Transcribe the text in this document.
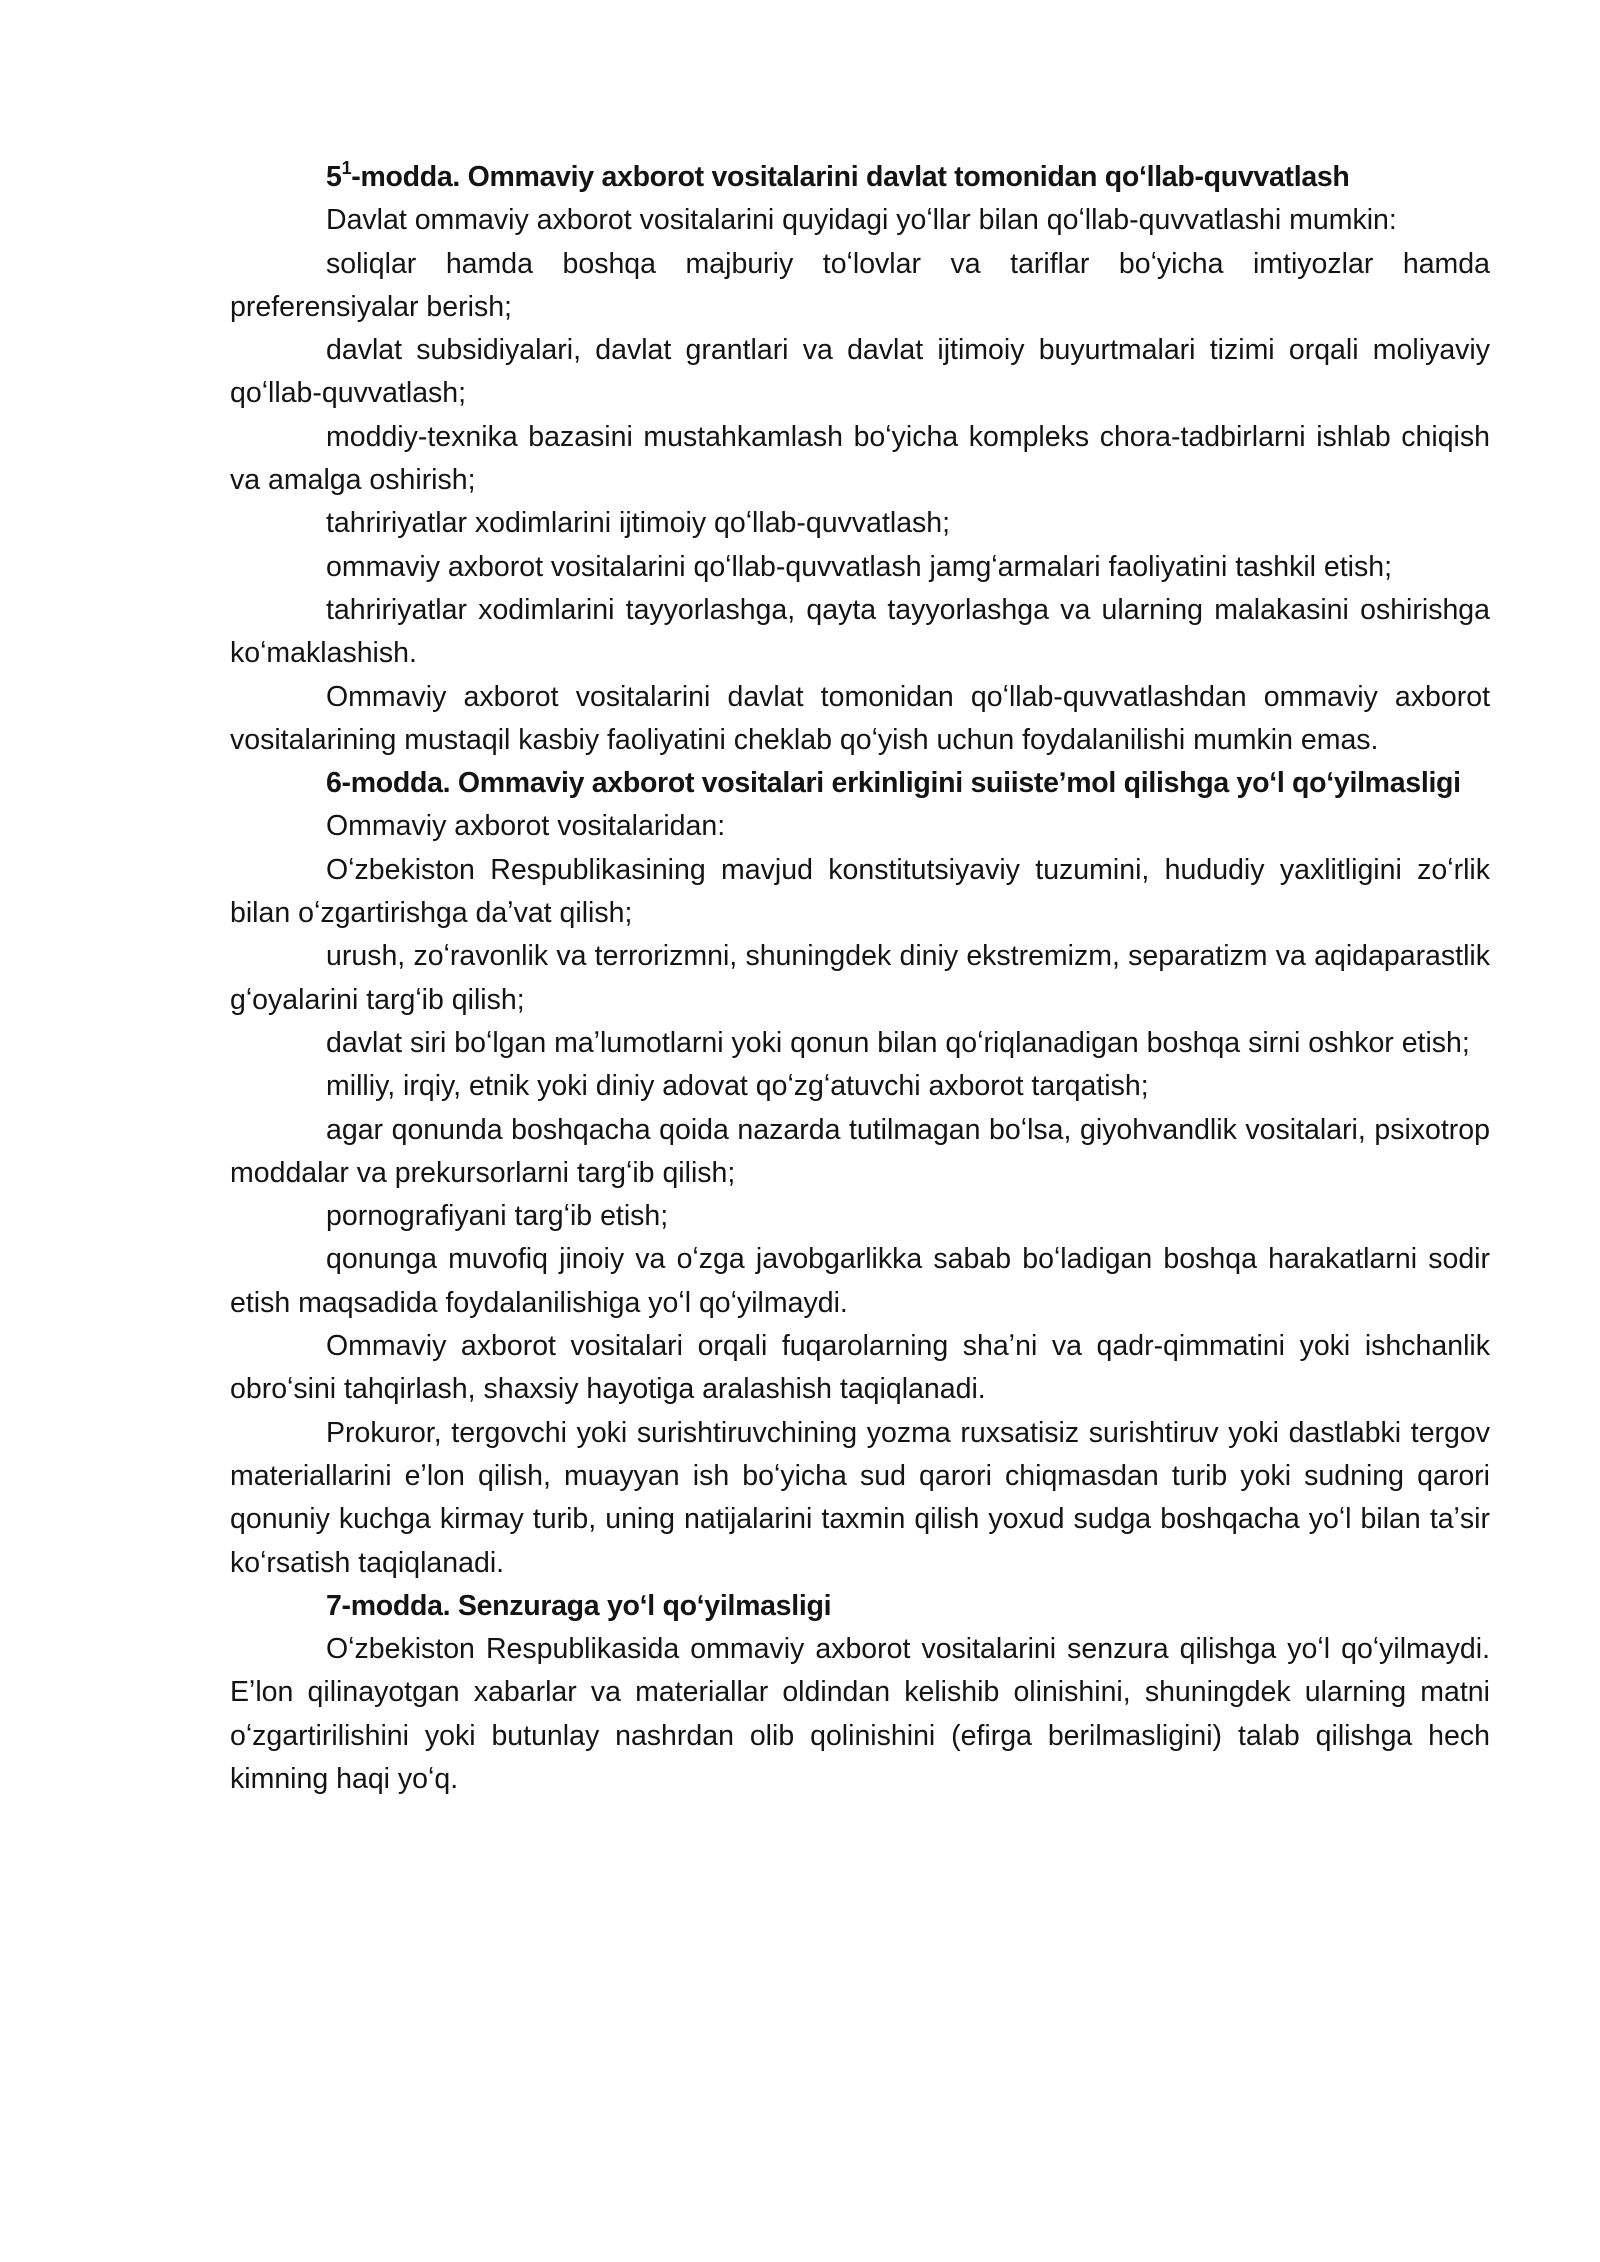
$5^1$-modda. Ommaviy axborot vositalarini davlat tomonidan qoʻllab-quvvatlash

Davlat ommaviy axborot vositalarini quyidagi yoʻllar bilan qoʻllab-quvvatlashi mumkin:

soliqlar hamda boshqa majburiy toʻlovlar va tariflar boʻyicha imtiyozlar hamda preferensiyalar berish;

davlat subsidiyalari, davlat grantlari va davlat ijtimoiy buyurtmalari tizimi orqali moliyaviy qoʻllab-quvvatlash;

moddiy-texnika bazasini mustahkamlash boʻyicha kompleks chora-tadbirlarni ishlab chiqish va amalga oshirish;

tahririyatlar xodimlarini ijtimoiy qoʻllab-quvvatlash;

ommaviy axborot vositalarini qoʻllab-quvvatlash jamgʻarmalari faoliyatini tashkil etish;

tahririyatlar xodimlarini tayyorlashga, qayta tayyorlashga va ularning malakasini oshirishga koʻmaklashish.

Ommaviy axborot vositalarini davlat tomonidan qoʻllab-quvvatlashdan ommaviy axborot vositalarining mustaqil kasbiy faoliyatini cheklab qoʻyish uchun foydalanilishi mumkin emas.

6-modda. Ommaviy axborot vositalari erkinligini suiisteʼmol qilishga yoʻl qoʻyilmasligi

Ommaviy axborot vositalaridan:

Oʻzbekiston Respublikasining mavjud konstitutsiyaviy tuzumini, hududiy yaxlitligini zoʻrlik bilan oʻzgartirishga daʼvat qilish;

urush, zoʻravonlik va terrorizmni, shuningdek diniy ekstremizm, separatizm va aqidaparastlik gʻoyalarini targʻib qilish;

davlat siri boʻlgan maʼlumotlarni yoki qonun bilan qoʻriqlanadigan boshqa sirni oshkor etish;

milliy, irqiy, etnik yoki diniy adovat qoʻzgʻatuvchi axborot tarqatish;

agar qonunda boshqacha qoida nazarda tutilmagan boʻlsa, giyohvandlik vositalari, psixotrop moddalar va prekursorlarni targʻib qilish;

pornografiyani targʻib etish;

qonunga muvofiq jinoiy va oʻzga javobgarlikka sabab boʻladigan boshqa harakatlarni sodir etish maqsadida foydalanilishiga yoʻl qoʻyilmaydi.

Ommaviy axborot vositalari orqali fuqarolarning shaʼni va qadr-qimmatini yoki ishchanlik obroʻsini tahqirlash, shaxsiy hayotiga aralashish taqiqlanadi.

Prokuror, tergovchi yoki surishtiruvchining yozma ruxsatisiz surishtiruv yoki dastlabki tergov materiallarini eʼlon qilish, muayyan ish boʻyicha sud qarori chiqmasdan turib yoki sudning qarori qonuniy kuchga kirmay turib, uning natijalarini taxmin qilish yoxud sudga boshqacha yoʻl bilan taʼsir koʻrsatish taqiqlanadi.

7-modda. Senzuraga yoʻl qoʻyilmasligi

Oʻzbekiston Respublikasida ommaviy axborot vositalarini senzura qilishga yoʻl qoʻyilmaydi. Eʼlon qilinayotgan xabarlar va materiallar oldindan kelishib olinishini, shuningdek ularning matni oʻzgartirilishini yoki butunlay nashrdan olib qolinishini (efirga berilmasligini) talab qilishga hech kimning haqi yoʻq.
